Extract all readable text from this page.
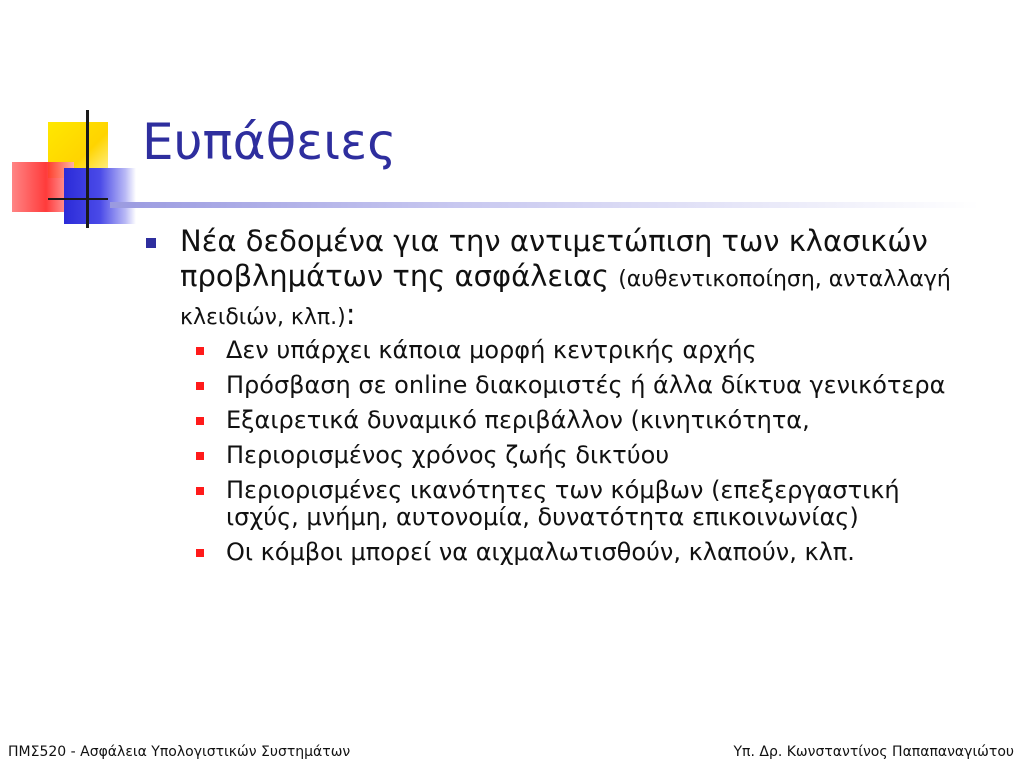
Ευπάθειες
Νέα δεδομένα για την αντιμετώπιση των κλασικών προβλημάτων της ασφάλειας (αυθεντικοποίηση, ανταλλαγή κλειδιών, κλπ.):
Δεν υπάρχει κάποια μορφή κεντρικής αρχής
Πρόσβαση σε online διακομιστές ή άλλα δίκτυα γενικότερα
Εξαιρετικά δυναμικό περιβάλλον (κινητικότητα,
Περιορισμένος χρόνος ζωής δικτύου
Περιορισμένες ικανότητες των κόμβων (επεξεργαστική ισχύς, μνήμη, αυτονομία, δυνατότητα επικοινωνίας)
Οι κόμβοι μπορεί να αιχμαλωτισθούν, κλαπούν, κλπ.
ΠΜΣ520 - Ασφάλεια Υπολογιστικών Συστημάτων	Υπ. Δρ. Κωνσταντίνος Παπαπαναγιώτου
